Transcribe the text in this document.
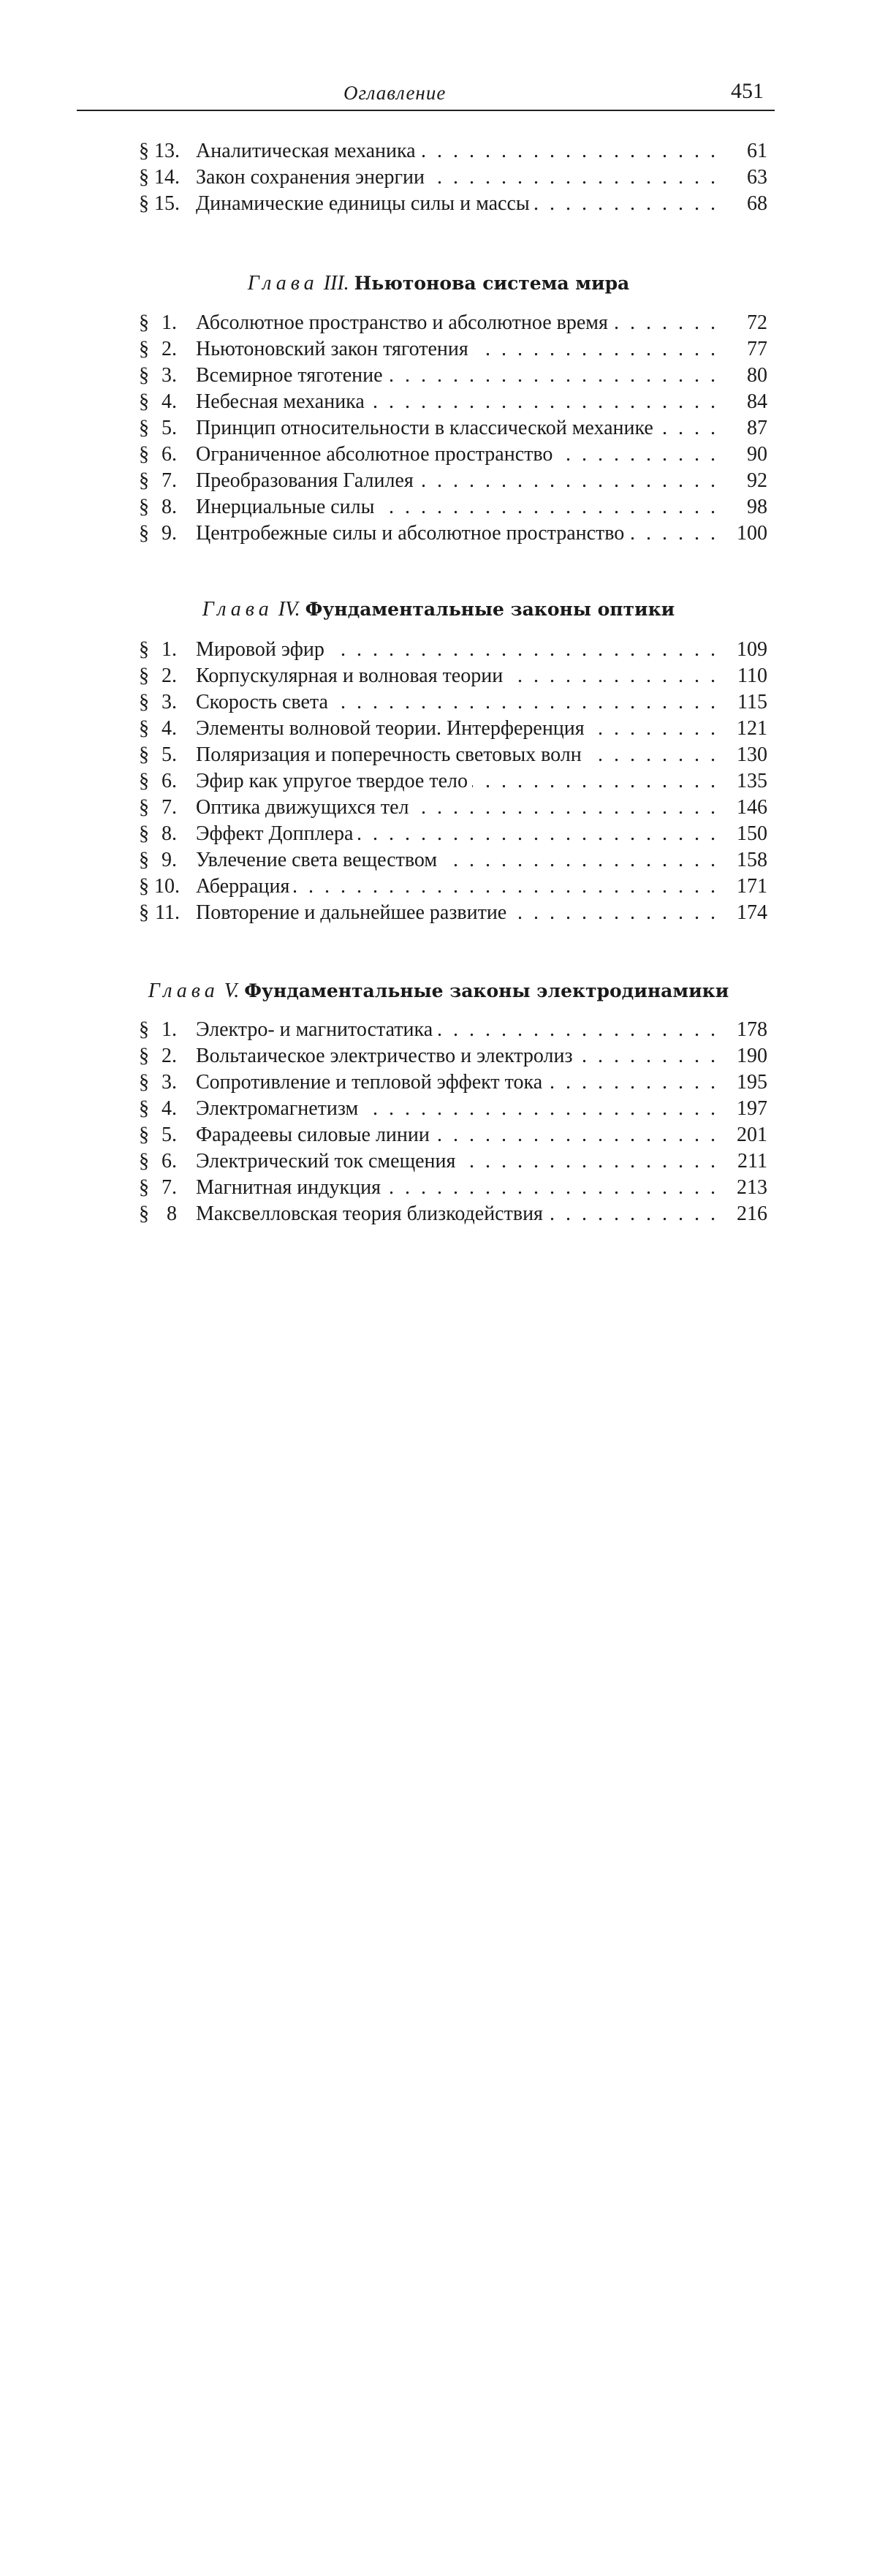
Оглавление	451
§ 13. Аналитическая механика . . .	61
§ 14. Закон сохранения энергии . . .	63
§ 15. Динамические единицы силы и массы . . .	68
Глава III. Ньютонова система мира
§ 1. Абсолютное пространство и абсолютное время . . .	72
§ 2. Ньютоновский закон тяготения . . .	77
§ 3. Всемирное тяготение . . .	80
§ 4. Небесная механика . . .	84
§ 5. Принцип относительности в классической механике . . .	87
§ 6. Ограниченное абсолютное пространство . . .	90
§ 7. Преобразования Галилея . . .	92
§ 8. Инерциальные силы . . .	98
§ 9. Центробежные силы и абсолютное пространство . . .	100
Глава IV. Фундаментальные законы оптики
§ 1. Мировой эфир . . .	109
§ 2. Корпускулярная и волновая теории . . .	110
§ 3. Скорость света . . .	115
§ 4. Элементы волновой теории. Интерференция . . .	121
§ 5. Поляризация и поперечность световых волн . . .	130
§ 6. Эфир как упругое твердое тело . . .	135
§ 7. Оптика движущихся тел . . .	146
§ 8. Эффект Допплера . . .	150
§ 9. Увлечение света веществом . . .	158
§ 10. Аберрация . . .	171
§ 11. Повторение и дальнейшее развитие . . .	174
Глава V. Фундаментальные законы электродинамики
§ 1. Электро- и магнитостатика . . .	178
§ 2. Вольтаическое электричество и электролиз . . .	190
§ 3. Сопротивление и тепловой эффект тока . . .	195
§ 4. Электромагнетизм . . .	197
§ 5. Фарадеевы силовые линии . . .	201
§ 6. Электрический ток смещения . . .	211
§ 7. Магнитная индукция . . .	213
§ 8 Максвелловская теория близкодействия . . .	216
